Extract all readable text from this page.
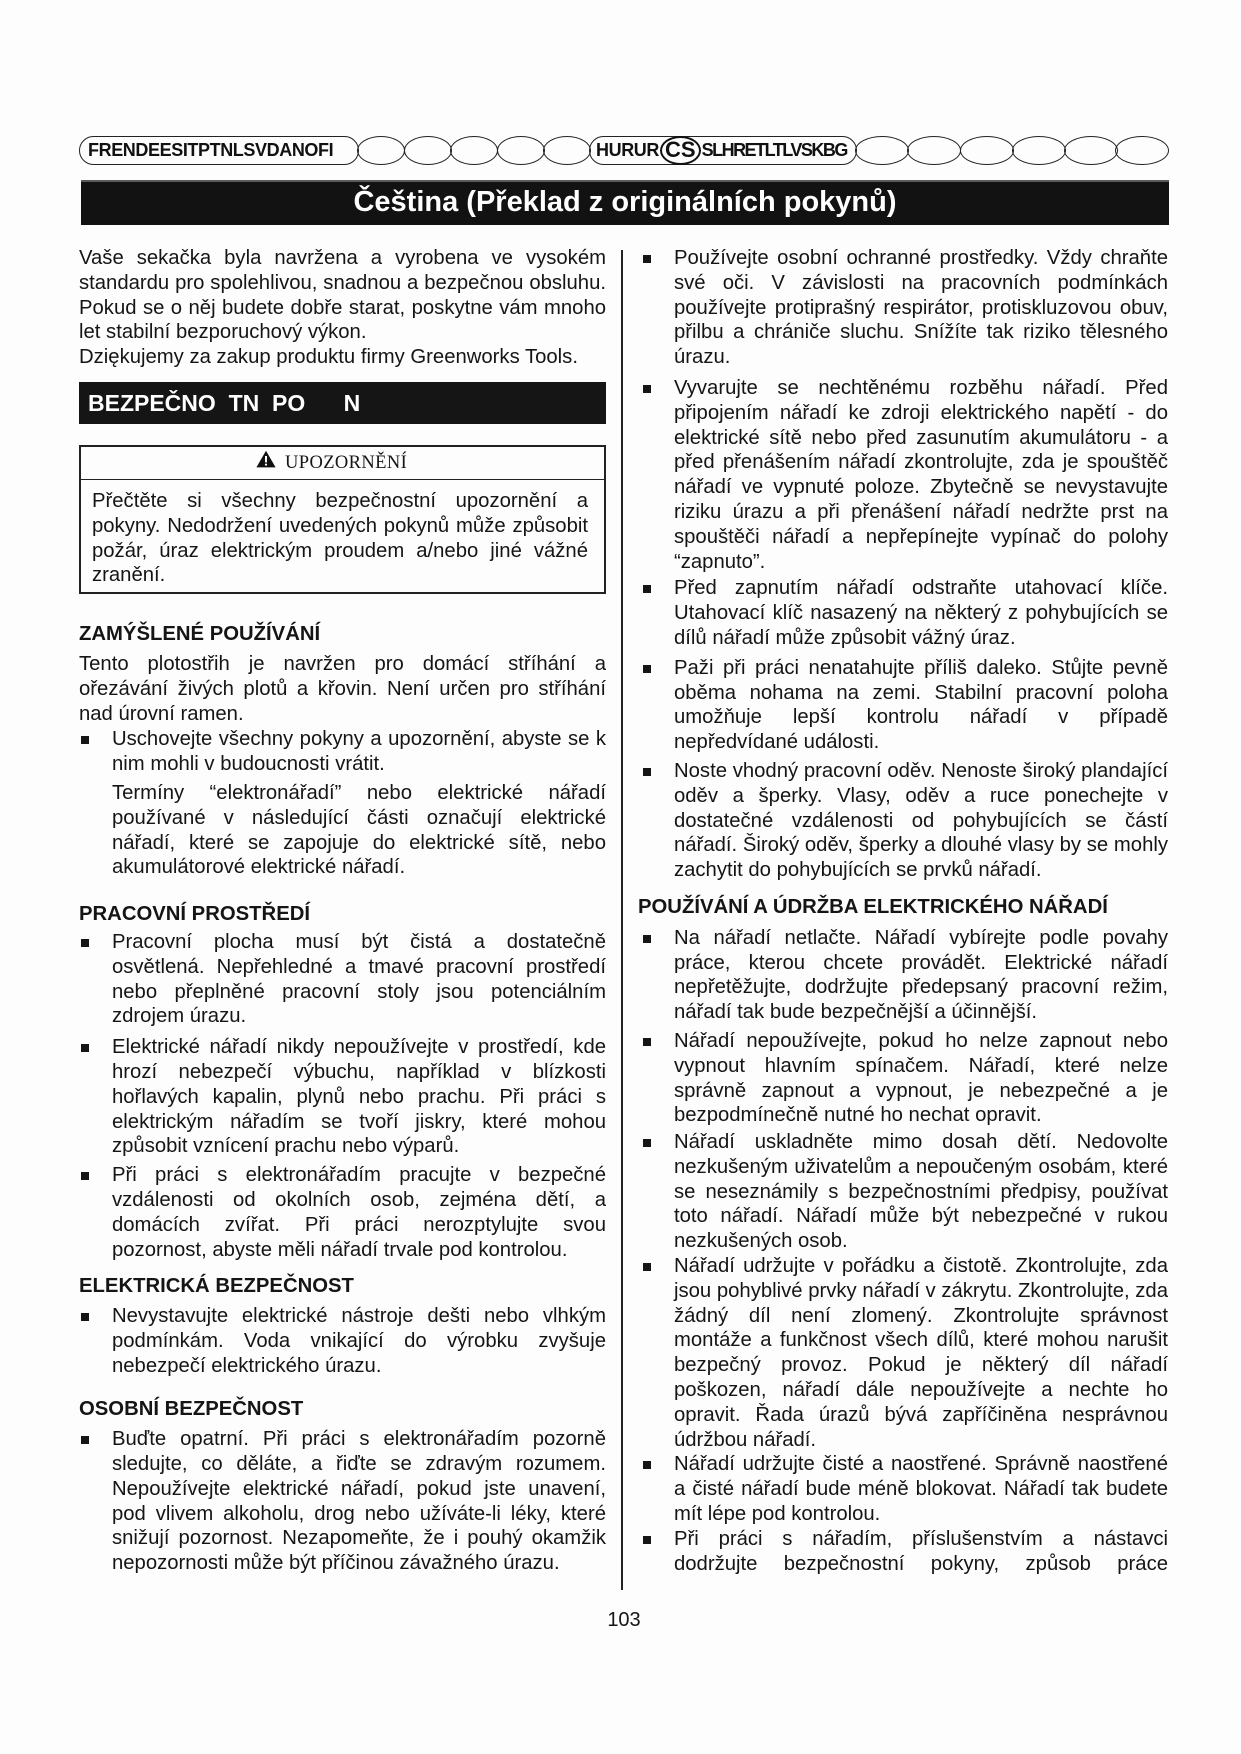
FRENDEESITPTNLSVDANOFI	HURUR CS SLHRETLTLVSKBG
Čeština (Překlad z originálních pokynů)

Vaše sekačka byla navržena a vyrobena ve vysokém standardu pro spolehlivou, snadnou a bezpečnou obsluhu. Pokud se o něj budete dobře starat, poskytne vám mnoho let stabilní bezporuchový výkon.

Dziękujemy za zakup produktu firmy Greenworks Tools.

BEZPEČNO  TN  PO      N
UPOZORNĚNÍ
Přečtěte si všechny bezpečnostní upozornění a pokyny. Nedodržení uvedených pokynů může způsobit požár, úraz elektrickým proudem a/nebo jiné vážné zranění.

ZAMÝŠLENÉ POUŽÍVÁNÍ

Tento plotostřih je navržen pro domácí stříhání a ořezávání živých plotů a křovin. Není určen pro stříhání nad úrovní ramen.

Uschovejte všechny pokyny a upozornění, abyste se k nim mohli v budoucnosti vrátit.

Termíny “elektronářadí” nebo elektrické nářadí používané v následující části označují elektrické nářadí, které se zapojuje do elektrické sítě, nebo akumulátorové elektrické nářadí.

PRACOVNÍ PROSTŘEDÍ

Pracovní plocha musí být čistá a dostatečně osvětlená. Nepřehledné a tmavé pracovní prostředí nebo přeplněné pracovní stoly jsou potenciálním zdrojem úrazu.
Elektrické nářadí nikdy nepoužívejte v prostředí, kde hrozí nebezpečí výbuchu, například v blízkosti hořlavých kapalin, plynů nebo prachu. Při práci s elektrickým nářadím se tvoří jiskry, které mohou způsobit vznícení prachu nebo výparů.
Při práci s elektronářadím pracujte v bezpečné vzdálenosti od okolních osob, zejména dětí, a domácích zvířat. Při práci nerozptylujte svou pozornost, abyste měli nářadí trvale pod kontrolou.

ELEKTRICKÁ BEZPEČNOST

Nevystavujte elektrické nástroje dešti nebo vlhkým podmínkám. Voda vnikající do výrobku zvyšuje nebezpečí elektrického úrazu.

OSOBNÍ BEZPEČNOST

Buďte opatrní. Při práci s elektronářadím pozorně sledujte, co děláte, a řiďte se zdravým rozumem. Nepoužívejte elektrické nářadí, pokud jste unavení, pod vlivem alkoholu, drog nebo užíváte-li léky, které snižují pozornost. Nezapomeňte, že i pouhý okamžik nepozornosti může být příčinou závažného úrazu.
Používejte osobní ochranné prostředky. Vždy chraňte své oči. V závislosti na pracovních podmínkách používejte protiprašný respirátor, protiskluzovou obuv, přilbu a chrániče sluchu. Snížíte tak riziko tělesného úrazu.
Vyvarujte se nechtěnému rozběhu nářadí. Před připojením nářadí ke zdroji elektrického napětí - do elektrické sítě nebo před zasunutím akumulátoru - a před přenášením nářadí zkontrolujte, zda je spouštěč nářadí ve vypnuté poloze. Zbytečně se nevystavujte riziku úrazu a při přenášení nářadí nedržte prst na spouštěči nářadí a nepřepínejte vypínač do polohy “zapnuto”.
Před zapnutím nářadí odstraňte utahovací klíče. Utahovací klíč nasazený na některý z pohybujících se dílů nářadí může způsobit vážný úraz.
Paži při práci nenatahujte příliš daleko. Stůjte pevně oběma nohama na zemi. Stabilní pracovní poloha umožňuje lepší kontrolu nářadí v případě nepředvídané události.
Noste vhodný pracovní oděv. Nenoste široký plandající oděv a šperky. Vlasy, oděv a ruce ponechejte v dostatečné vzdálenosti od pohybujících se částí nářadí. Široký oděv, šperky a dlouhé vlasy by se mohly zachytit do pohybujících se prvků nářadí.

POUŽÍVÁNÍ A ÚDRŽBA ELEKTRICKÉHO NÁŘADÍ

Na nářadí netlačte. Nářadí vybírejte podle povahy práce, kterou chcete provádět. Elektrické nářadí nepřetěžujte, dodržujte předepsaný pracovní režim, nářadí tak bude bezpečnější a účinnější.
Nářadí nepoužívejte, pokud ho nelze zapnout nebo vypnout hlavním spínačem. Nářadí, které nelze správně zapnout a vypnout, je nebezpečné a je bezpodmínečně nutné ho nechat opravit.
Nářadí uskladněte mimo dosah dětí. Nedovolte nezkušeným uživatelům a nepoučeným osobám, které se neseznámily s bezpečnostními předpisy, používat toto nářadí. Nářadí může být nebezpečné v rukou nezkušených osob.
Nářadí udržujte v pořádku a čistotě. Zkontrolujte, zda jsou pohyblivé prvky nářadí v zákrytu. Zkontrolujte, zda žádný díl není zlomený. Zkontrolujte správnost montáže a funkčnost všech dílů, které mohou narušit bezpečný provoz. Pokud je některý díl nářadí poškozen, nářadí dále nepoužívejte a nechte ho opravit. Řada úrazů bývá zapříčiněna nesprávnou údržbou nářadí.
Nářadí udržujte čisté a naostřené. Správně naostřené a čisté nářadí bude méně blokovat. Nářadí tak budete mít lépe pod kontrolou.
Při práci s nářadím, příslušenstvím a nástavci dodržujte bezpečnostní pokyny, způsob práce
103
